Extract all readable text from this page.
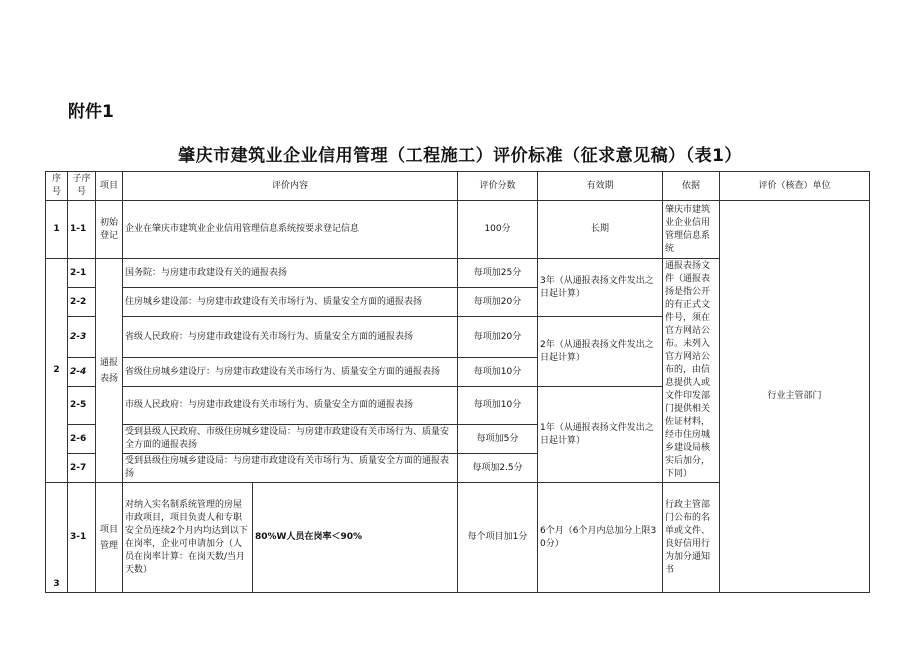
附件1
肇庆市建筑业企业信用管理（工程施工）评价标准（征求意见稿）（表1）
序号	子序号	项目	评价内容		评价分数	有效期	依据	评价（核查）单位
1	1-1	初始登记	企业在肇庆市建筑业企业信用管理信息系统按要求登记信息		100分	长期	肇庆市建筑业企业信用管理信息系统	行业主管部门
2	2-1	通报表扬	国务院：与房建市政建设有关的通报表扬		每项加25分	3年（从通报表扬文件发出之日起计算）	通报表扬文件（通报表扬是指公开的有正式文件号，须在官方网站公布。未列入官方网站公布的，由信息提供人或文件印发部门提供相关佐证材料，经市住房城乡建设局核实后加分，下同）	
	2-2		住房城乡建设部：与房建市政建设有关市场行为、质量安全方面的通报表扬		每项加20分			
	2-3		省级人民政府：与房建市政建设有关市场行为、质量安全方面的通报表扬		每项加20分	2年（从通报表扬文件发出之日起计算）		
	2-4		省级住房城乡建设厅：与房建市政建设有关市场行为、质量安全方面的通报表扬		每项加10分			
	2-5		市级人民政府：与房建市政建设有关市场行为、质量安全方面的通报表扬		每项加10分	1年（从通报表扬文件发出之日起计算）		
	2-6		受到县级人民政府、市级住房城乡建设局：与房建市政建设有关市场行为、质量安全方面的通报表扬		每项加5分			
	2-7		受到县级住房城乡建设局：与房建市政建设有关市场行为、质量安全方面的通报表扬		每项加2.5分			
3	3-1	项目管理	对纳入实名制系统管理的房屋市政项目，项目负责人和专职安全员连续2个月内均达到以下在岗率，企业可申请加分（人员在岗率计算：在岗天数/当月天数）	80%W人员在岗率＜90%	每个项目加1分	6个月（6个月内总加分上限30分）	行政主管部门公布的名单或文件、良好信用行为加分通知书	
